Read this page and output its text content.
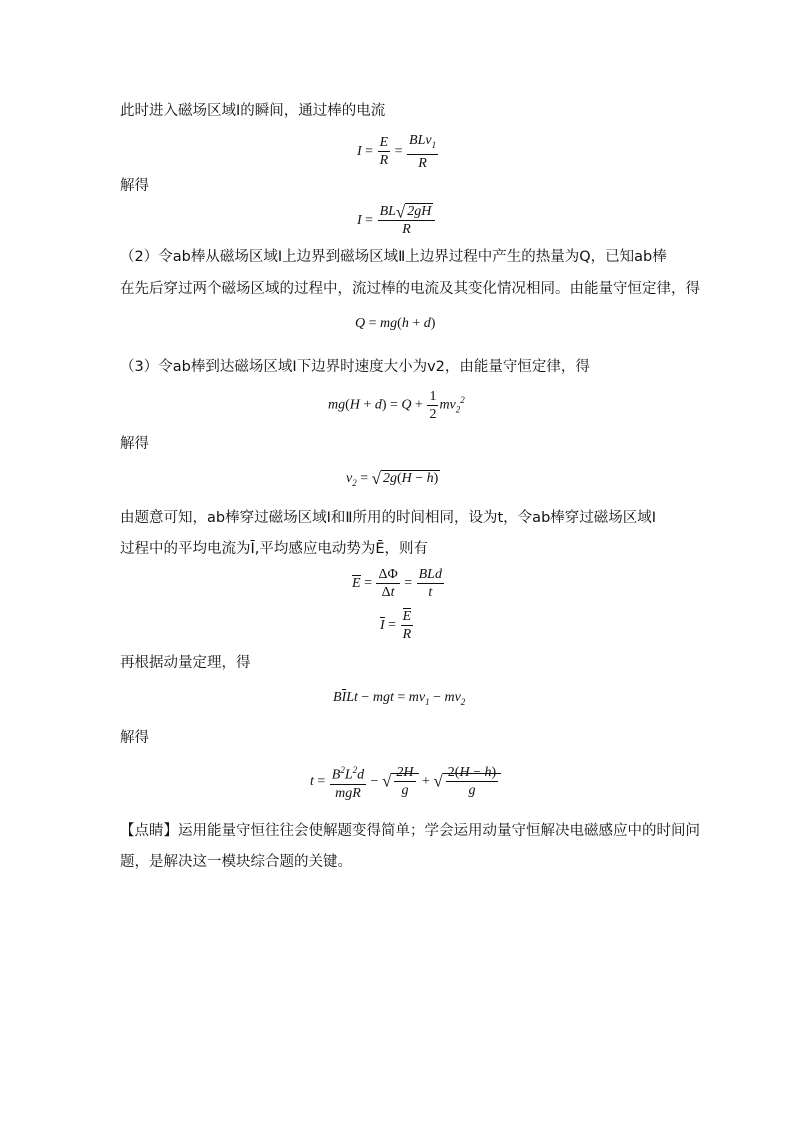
此时进入磁场区域Ⅰ的瞬间，通过棒的电流
$I = \frac{E}{R} = \frac{BLv_1}{R}$
解得
$I = \frac{BL√ 2gH}{R}$
（2）令ab棒从磁场区域Ⅰ上边界到磁场区域Ⅱ上边界过程中产生的热量为Q，已知ab棒
在先后穿过两个磁场区域的过程中，流过棒的电流及其变化情况相同。由能量守恒定律，得
Q = mg(h + d)
（3）令ab棒到达磁场区域Ⅰ下边界时速度大小为v2，由能量守恒定律，得
$mg(H + d) = Q + \frac{1}{2} mv_2^2$
解得
$v_2$ = √ 2g(H − h)
由题意可知，ab棒穿过磁场区域Ⅰ和Ⅱ所用的时间相同，设为t，令ab棒穿过磁场区域Ⅰ
过程中的平均电流为Ī,平均感应电动势为Ē，则有
$E = \frac{\Delta\Phi}{\Delta t} = \frac{\text{BLd}}{t}$
$I = \frac{E}{R}$
再根据动量定理，得
BILt − mgt = $mv_1 - mv_2$
解得
$t = \frac{B^2L^2d}{\text{mgR}}$ − √ $\frac{2H}{g}$ + √ $\frac{2(H - h)}{g}$
【点睛】运用能量守恒往往会使解题变得简单；学会运用动量守恒解决电磁感应中的时间问
题，是解决这一模块综合题的关键。
